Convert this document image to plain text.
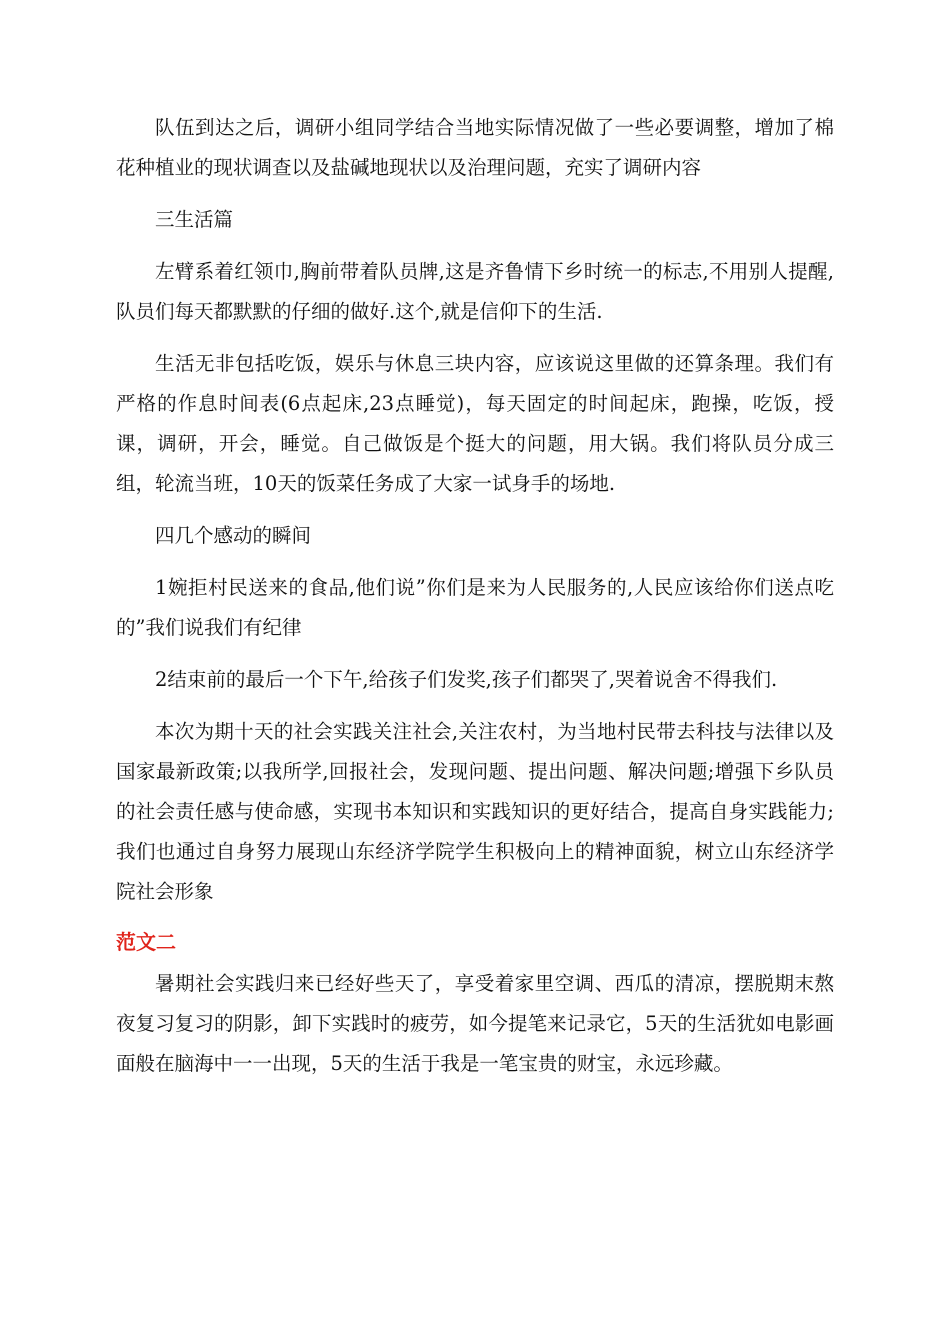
队伍到达之后，调研小组同学结合当地实际情况做了一些必要调整，增加了棉花种植业的现状调查以及盐碱地现状以及治理问题，充实了调研内容

三生活篇

左臂系着红领巾,胸前带着队员牌,这是齐鲁情下乡时统一的标志,不用别人提醒,队员们每天都默默的仔细的做好.这个,就是信仰下的生活.

生活无非包括吃饭，娱乐与休息三块内容，应该说这里做的还算条理。我们有严格的作息时间表(6点起床,23点睡觉)，每天固定的时间起床，跑操，吃饭，授课，调研，开会，睡觉。自己做饭是个挺大的问题，用大锅。我们将队员分成三组，轮流当班，10天的饭菜任务成了大家一试身手的场地.

四几个感动的瞬间

1婉拒村民送来的食品,他们说”你们是来为人民服务的,人民应该给你们送点吃的”我们说我们有纪律

2结束前的最后一个下午,给孩子们发奖,孩子们都哭了,哭着说舍不得我们.

本次为期十天的社会实践关注社会,关注农村，为当地村民带去科技与法律以及国家最新政策;以我所学,回报社会，发现问题、提出问题、解决问题;增强下乡队员的社会责任感与使命感，实现书本知识和实践知识的更好结合，提高自身实践能力;我们也通过自身努力展现山东经济学院学生积极向上的精神面貌，树立山东经济学院社会形象

范文二

暑期社会实践归来已经好些天了，享受着家里空调、西瓜的清凉，摆脱期末熬夜复习复习的阴影，卸下实践时的疲劳，如今提笔来记录它，5天的生活犹如电影画面般在脑海中一一出现，5天的生活于我是一笔宝贵的财宝，永远珍藏。
